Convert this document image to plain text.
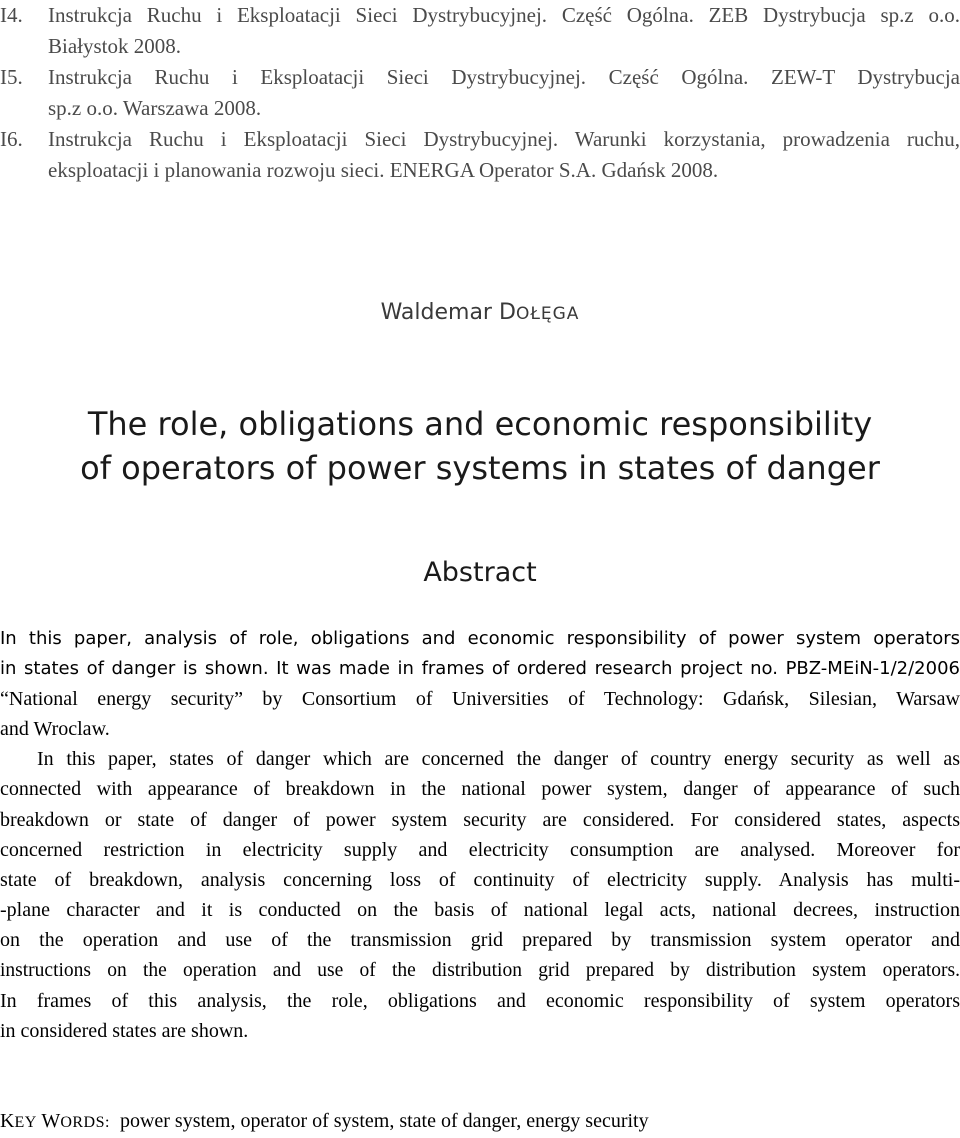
I4. Instrukcja Ruchu i Eksploatacji Sieci Dystrybucyjnej. Część Ogólna. ZEB Dystrybucja sp.z o.o.
Białystok 2008.
I5. Instrukcja Ruchu i Eksploatacji Sieci Dystrybucyjnej. Część Ogólna. ZEW-T Dystrybucja
sp.z o.o. Warszawa 2008.
I6. Instrukcja Ruchu i Eksploatacji Sieci Dystrybucyjnej. Warunki korzystania, prowadzenia ruchu,
eksploatacji i planowania rozwoju sieci. ENERGA Operator S.A. Gdańsk 2008.
Waldemar DOŁĘGA
The role, obligations and economic responsibility
of operators of power systems in states of danger
Abstract
In this paper, analysis of role, obligations and economic responsibility of power system operators
in states of danger is shown. It was made in frames of ordered research project no. PBZ-MEiN-1/2/2006
“National energy security” by Consortium of Universities of Technology: Gdańsk, Silesian, Warsaw
and Wroclaw.
In this paper, states of danger which are concerned the danger of country energy security as well as
connected with appearance of breakdown in the national power system, danger of appearance of such
breakdown or state of danger of power system security are considered. For considered states, aspects
concerned restriction in electricity supply and electricity consumption are analysed. Moreover for
state of breakdown, analysis concerning loss of continuity of electricity supply. Analysis has multi-
-plane character and it is conducted on the basis of national legal acts, national decrees, instruction
on the operation and use of the transmission grid prepared by transmission system operator and
instructions on the operation and use of the distribution grid prepared by distribution system operators.
In frames of this analysis, the role, obligations and economic responsibility of system operators
in considered states are shown.
KEY WORDS: power system, operator of system, state of danger, energy security
